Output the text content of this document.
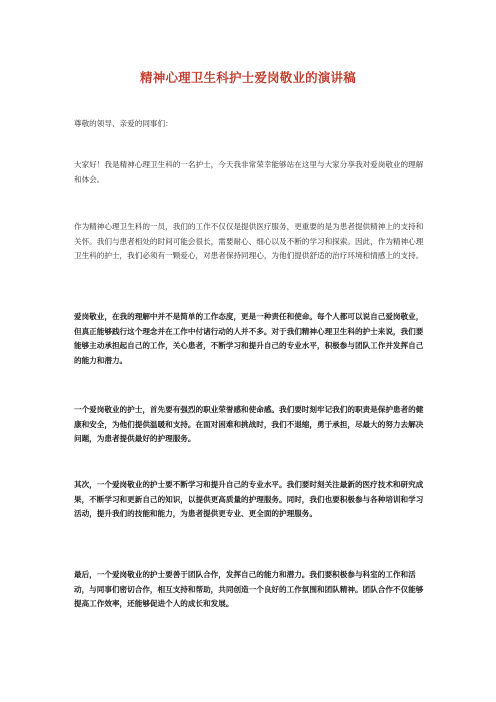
精神心理卫生科护士爱岗敬业的演讲稿
尊敬的领导、亲爱的同事们：
大家好！我是精神心理卫生科的一名护士，今天我非常荣幸能够站在这里与大家分享我对爱岗敬业的理解和体会。
作为精神心理卫生科的一员，我们的工作不仅仅是提供医疗服务，更重要的是为患者提供精神上的支持和关怀。我们与患者相处的时间可能会很长，需要耐心、细心以及不断的学习和探索。因此，作为精神心理卫生科的护士，我们必须有一颗爱心，对患者保持同理心，为他们提供舒适的治疗环境和情感上的支持。
爱岗敬业，在我的理解中并不是简单的工作态度，更是一种责任和使命。每个人都可以说自己爱岗敬业，但真正能够践行这个理念并在工作中付诸行动的人并不多。对于我们精神心理卫生科的护士来说，我们要能够主动承担起自己的工作，关心患者，不断学习和提升自己的专业水平，积极参与团队工作并发挥自己的能力和潜力。
一个爱岗敬业的护士，首先要有强烈的职业荣誉感和使命感。我们要时刻牢记我们的职责是保护患者的健康和安全，为他们提供温暖和支持。在面对困难和挑战时，我们不退缩，勇于承担，尽最大的努力去解决问题，为患者提供最好的护理服务。
其次，一个爱岗敬业的护士要不断学习和提升自己的专业水平。我们要时刻关注最新的医疗技术和研究成果，不断学习和更新自己的知识，以提供更高质量的护理服务。同时，我们也要积极参与各种培训和学习活动，提升我们的技能和能力，为患者提供更专业、更全面的护理服务。
最后，一个爱岗敬业的护士要善于团队合作，发挥自己的能力和潜力。我们要积极参与科室的工作和活动，与同事们密切合作，相互支持和帮助，共同创造一个良好的工作氛围和团队精神。团队合作不仅能够提高工作效率，还能够促进个人的成长和发展。
